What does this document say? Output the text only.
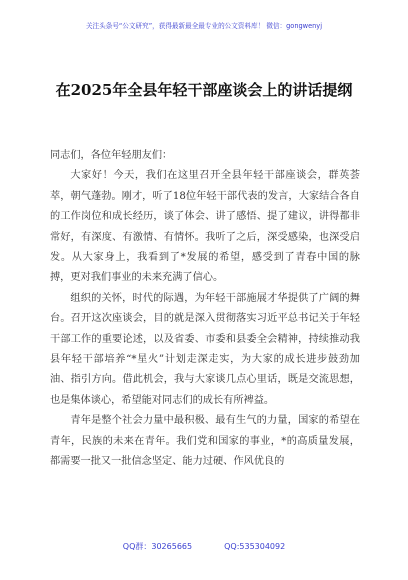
关注头条号“公文研究”，获得最新最全最专业的公文资料库！ 微信：gongwenyj
在2025年全县年轻干部座谈会上的讲话提纲

同志们，各位年轻朋友们：

大家好！今天，我们在这里召开全县年轻干部座谈会，群英荟萃，朝气蓬勃。刚才，听了18位年轻干部代表的发言，大家结合各自的工作岗位和成长经历，谈了体会、讲了感悟、提了建议，讲得都非常好，有深度、有激情、有情怀。我听了之后，深受感染，也深受启发。从大家身上，我看到了*发展的希望，感受到了青春中国的脉搏，更对我们事业的未来充满了信心。

组织的关怀，时代的际遇，为年轻干部施展才华提供了广阔的舞台。召开这次座谈会，目的就是深入贯彻落实习近平总书记关于年轻干部工作的重要论述，以及省委、市委和县委全会精神，持续推动我县年轻干部培养“*星火”计划走深走实，为大家的成长进步鼓劲加油、指引方向。借此机会，我与大家谈几点心里话，既是交流思想，也是集体谈心，希望能对同志们的成长有所裨益。

青年是整个社会力量中最积极、最有生气的力量，国家的希望在青年，民族的未来在青年。我们党和国家的事业，*的高质量发展，都需要一批又一批信念坚定、能力过硬、作风优良的

QQ群：30265665	QQ:535304092
